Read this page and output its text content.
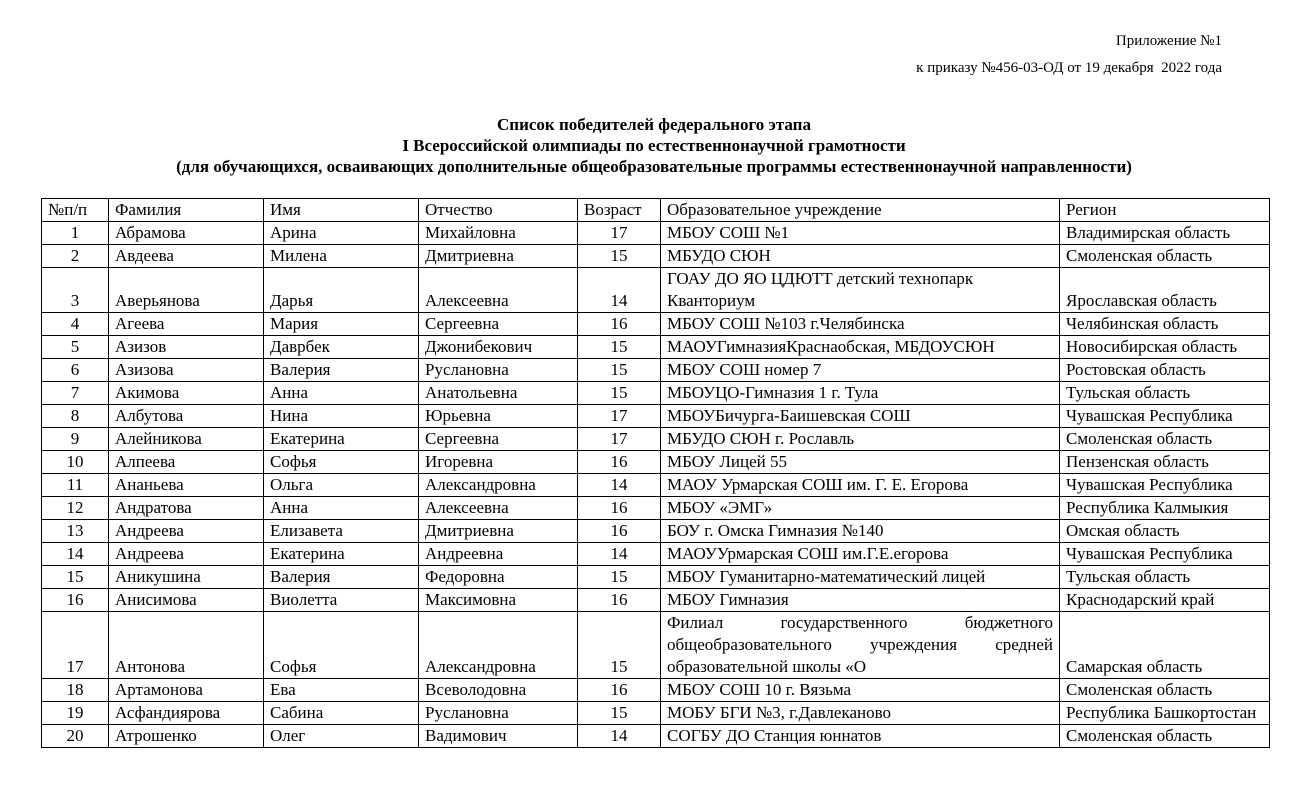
Приложение №1
к приказу №456-03-ОД от 19 декабря  2022 года
Список победителей федерального этапа
I Всероссийской олимпиады по естественнонаучной грамотности
(для обучающихся, осваивающих дополнительные общеобразовательные программы естественнонаучной направленности)
№п/п	Фамилия	Имя	Отчество	Возраст	Образовательное учреждение	Регион
1	Абрамова	Арина	Михайловна	17	МБОУ СОШ №1	Владимирская область
2	Авдеева	Милена	Дмитриевна	15	МБУДО СЮН	Смоленская область
3	Аверьянова	Дарья	Алексеевна	14	ГОАУ ДО ЯО ЦДЮТТ детский технопарк Кванториум	Ярославская область
4	Агеева	Мария	Сергеевна	16	МБОУ СОШ №103 г.Челябинска	Челябинская область
5	Азизов	Даврбек	Джонибекович	15	МАОУГимназияКраснаобская, МБДОУСЮН	Новосибирская область
6	Азизова	Валерия	Руслановна	15	МБОУ СОШ номер 7	Ростовская область
7	Акимова	Анна	Анатольевна	15	МБОУЦО-Гимназия 1 г. Тула	Тульская область
8	Албутова	Нина	Юрьевна	17	МБОУБичурга-Баишевская СОШ	Чувашская Республика
9	Алейникова	Екатерина	Сергеевна	17	МБУДО СЮН г. Рославль	Смоленская область
10	Алпеева	Софья	Игоревна	16	МБОУ Лицей 55	Пензенская область
11	Ананьева	Ольга	Александровна	14	МАОУ Урмарская СОШ им. Г. Е. Егорова	Чувашская Республика
12	Андратова	Анна	Алексеевна	16	МБОУ «ЭМГ»	Республика Калмыкия
13	Андреева	Елизавета	Дмитриевна	16	БОУ г. Омска Гимназия №140	Омская область
14	Андреева	Екатерина	Андреевна	14	МАОУУрмарская СОШ им.Г.Е.егорова	Чувашская Республика
15	Аникушина	Валерия	Федоровна	15	МБОУ Гуманитарно-математический лицей	Тульская область
16	Анисимова	Виолетта	Максимовна	16	МБОУ Гимназия	Краснодарский край
17	Антонова	Софья	Александровна	15	Филиал государственного бюджетного общеобразовательного учреждения средней образовательной школы «О	Самарская область
18	Артамонова	Ева	Всеволодовна	16	МБОУ СОШ 10 г. Вязьма	Смоленская область
19	Асфандиярова	Сабина	Руслановна	15	МОБУ БГИ №3, г.Давлеканово	Республика Башкортостан
20	Атрошенко	Олег	Вадимович	14	СОГБУ ДО Станция юннатов	Смоленская область
